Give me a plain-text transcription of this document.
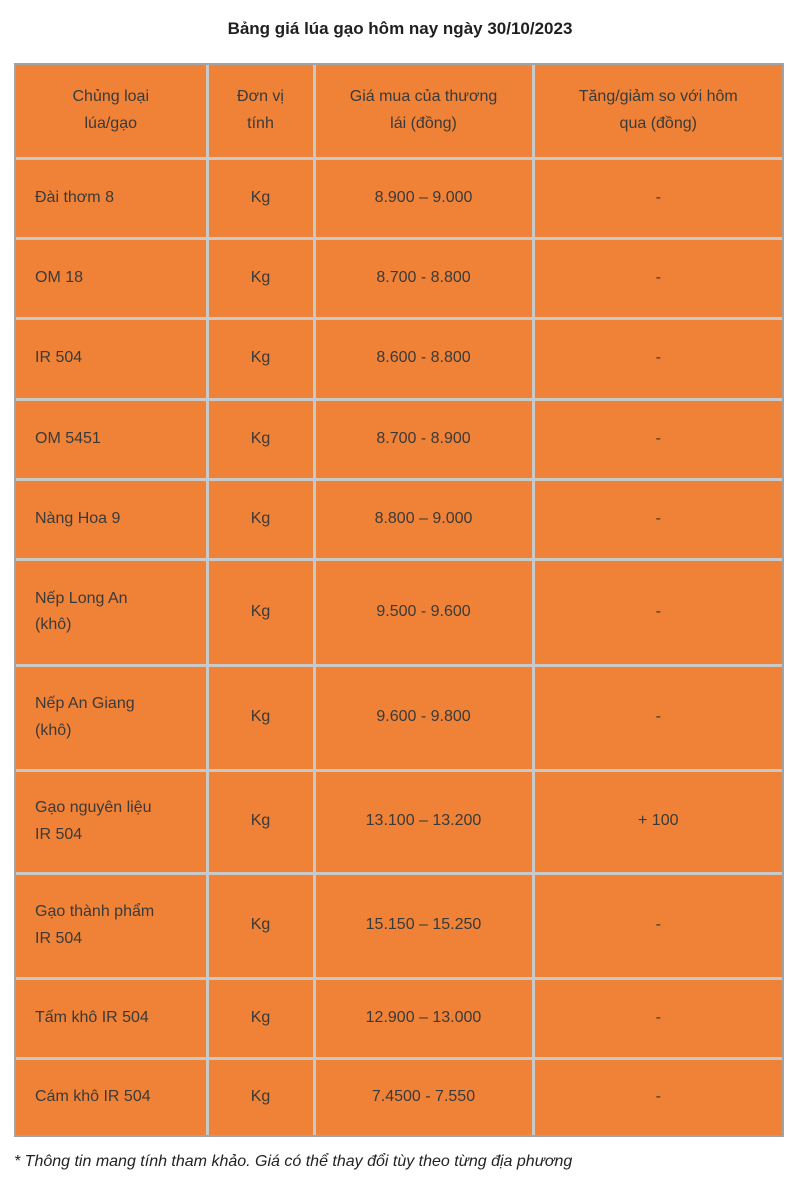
Bảng giá lúa gạo hôm nay ngày 30/10/2023
Chủng loại lúa/gạo	Đơn vị tính	Giá mua của thương lái (đồng)	Tăng/giảm so với hôm qua (đồng)
Đài thơm 8	Kg	8.900 – 9.000	-
OM 18	Kg	8.700 - 8.800	-
IR 504	Kg	8.600 - 8.800	-
OM 5451	Kg	8.700 - 8.900	-
Nàng Hoa 9	Kg	8.800 – 9.000	-
Nếp Long An (khô)	Kg	9.500 - 9.600	-
Nếp An Giang (khô)	Kg	9.600 - 9.800	-
Gạo nguyên liệu IR 504	Kg	13.100 – 13.200	+ 100
Gạo thành phẩm IR 504	Kg	15.150 – 15.250	-
Tấm khô IR 504	Kg	12.900 – 13.000	-
Cám khô IR 504	Kg	7.4500 - 7.550	-
* Thông tin mang tính tham khảo. Giá có thể thay đổi tùy theo từng địa phương
